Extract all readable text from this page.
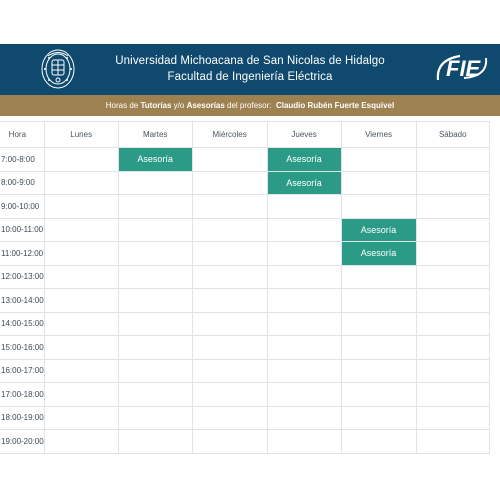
Universidad Michoacana de San Nicolas de Hidalgo
Facultad de Ingeniería Eléctrica	FIE
Horas de Tutorías y/o Asesorías del profesor: Claudio Rubén Fuerte Esquivel
Hora	Lunes	Martes	Miércoles	Jueves	Viernes	Sábado
7:00-8:00		Asesoría		Asesoría		
8:00-9:00				Asesoría		
9:00-10:00						
10:00-11:00					Asesoría	
11:00-12:00					Asesoría	
12:00-13:00						
13:00-14:00						
14:00-15:00						
15:00-16:00						
16:00-17:00						
17:00-18:00						
18:00-19:00						
19:00-20:00						
